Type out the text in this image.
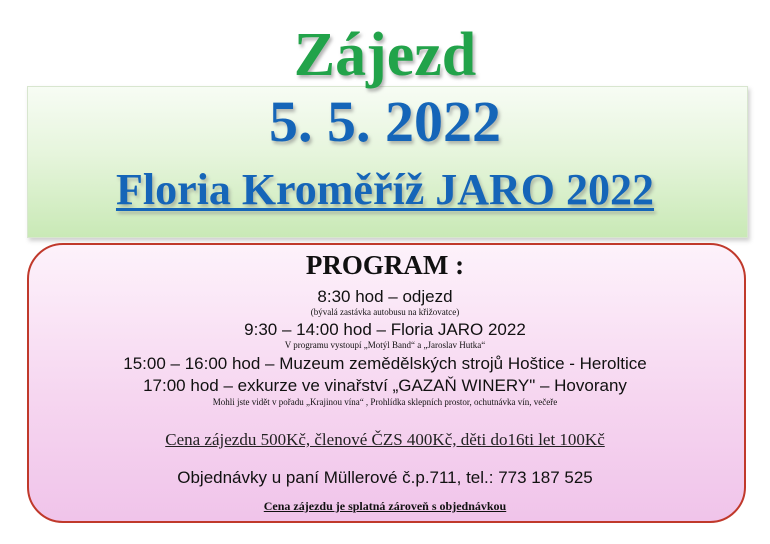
Zájezd
5. 5. 2022
Floria Kroměříž JARO 2022
PROGRAM :
8:30 hod – odjezd
(bývalá zastávka autobusu na křižovatce)
9:30 – 14:00 hod – Floria JARO 2022
V programu vystoupí „Motýl Band“ a „Jaroslav Hutka“
15:00 – 16:00 hod – Muzeum zemědělských strojů Hoštice - Heroltice
17:00 hod – exkurze ve vinařství „GAZAŇ WINERY" – Hovorany
Mohli jste vidět v pořadu „Krajinou vína“ , Prohlídka sklepních prostor, ochutnávka vín, večeře
Cena zájezdu 500Kč, členové ČZS 400Kč, děti do16ti let 100Kč
Objednávky u paní Müllerové č.p.711, tel.: 773 187 525
Cena zájezdu je splatná zároveň s objednávkou
